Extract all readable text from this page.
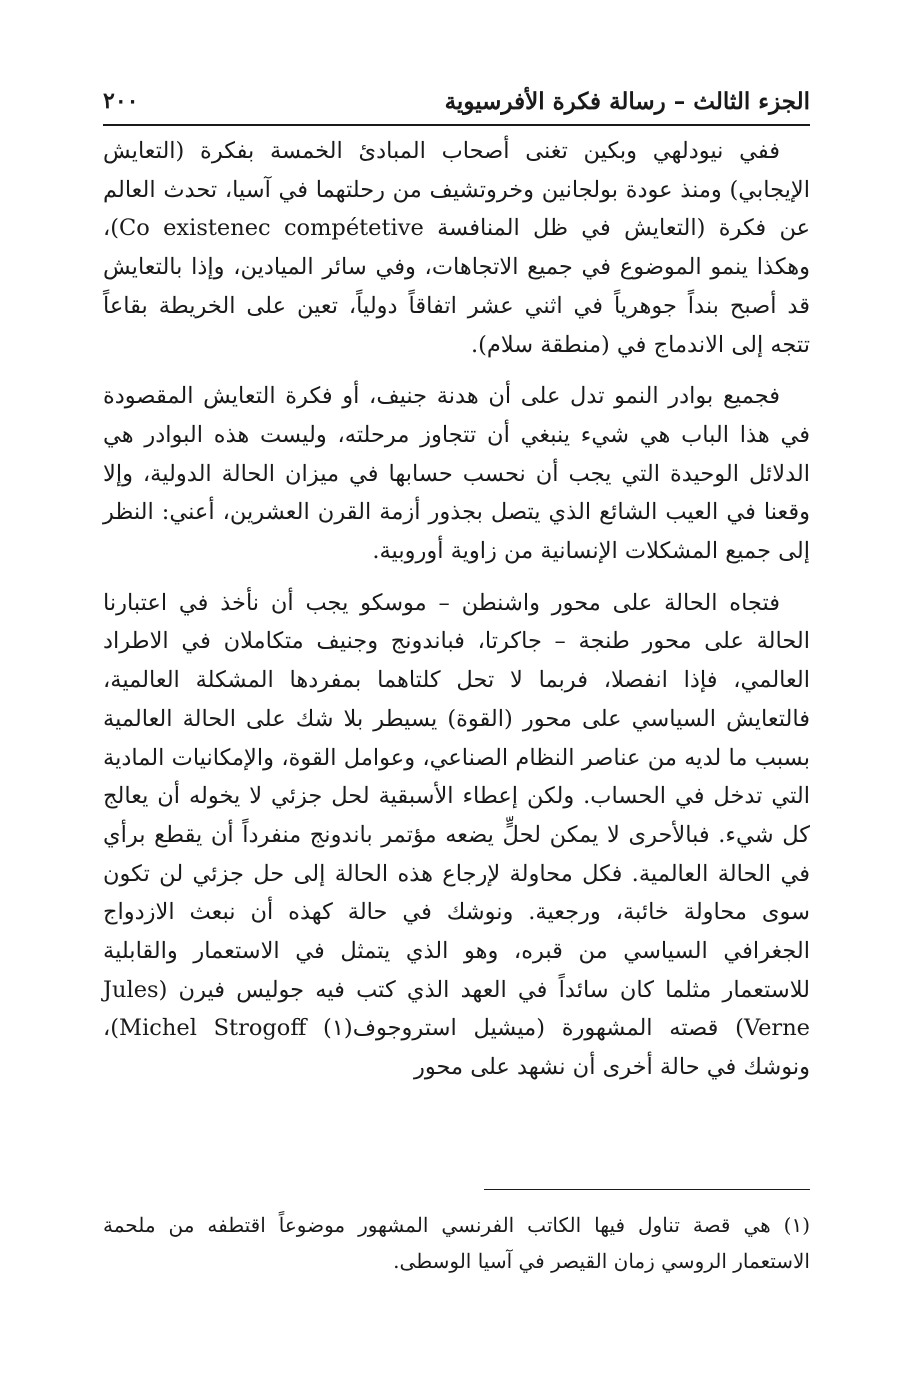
الجزء الثالث – رسالة فكرة الأفرسيوية
٢٠٠

ففي نيودلهي وبكين تغنى أصحاب المبادئ الخمسة بفكرة (التعايش الإيجابي) ومنذ عودة بولجانين وخروتشيف من رحلتهما في آسيا، تحدث العالم عن فكرة (التعايش في ظل المنافسة Co existenec compétetive)، وهكذا ينمو الموضوع في جميع الاتجاهات، وفي سائر الميادين، وإذا بالتعايش قد أصبح بنداً جوهرياً في اثني عشر اتفاقاً دولياً، تعين على الخريطة بقاعاً تتجه إلى الاندماج في (منطقة سلام).

فجميع بوادر النمو تدل على أن هدنة جنيف، أو فكرة التعايش المقصودة في هذا الباب هي شيء ينبغي أن تتجاوز مرحلته، وليست هذه البوادر هي الدلائل الوحيدة التي يجب أن نحسب حسابها في ميزان الحالة الدولية، وإلا وقعنا في العيب الشائع الذي يتصل بجذور أزمة القرن العشرين، أعني: النظر إلى جميع المشكلات الإنسانية من زاوية أوروبية.

فتجاه الحالة على محور واشنطن – موسكو يجب أن نأخذ في اعتبارنا الحالة على محور طنجة – جاكرتا، فباندونج وجنيف متكاملان في الاطراد العالمي، فإذا انفصلا، فربما لا تحل كلتاهما بمفردها المشكلة العالمية، فالتعايش السياسي على محور (القوة) يسيطر بلا شك على الحالة العالمية بسبب ما لديه من عناصر النظام الصناعي، وعوامل القوة، والإمكانيات المادية التي تدخل في الحساب. ولكن إعطاء الأسبقية لحل جزئي لا يخوله أن يعالج كل شيء. فبالأحرى لا يمكن لحلٍّ يضعه مؤتمر باندونج منفرداً أن يقطع برأي في الحالة العالمية. فكل محاولة لإرجاع هذه الحالة إلى حل جزئي لن تكون سوى محاولة خائبة، ورجعية. ونوشك في حالة كهذه أن نبعث الازدواج الجغرافي السياسي من قبره، وهو الذي يتمثل في الاستعمار والقابلية للاستعمار مثلما كان سائداً في العهد الذي كتب فيه جوليس فيرن (Jules Verne) قصته المشهورة (ميشيل استروجوف(١) Michel Strogoff)، ونوشك في حالة أخرى أن نشهد على محور

(١) هي قصة تناول فيها الكاتب الفرنسي المشهور موضوعاً اقتطفه من ملحمة الاستعمار الروسي زمان القيصر في آسيا الوسطى.
